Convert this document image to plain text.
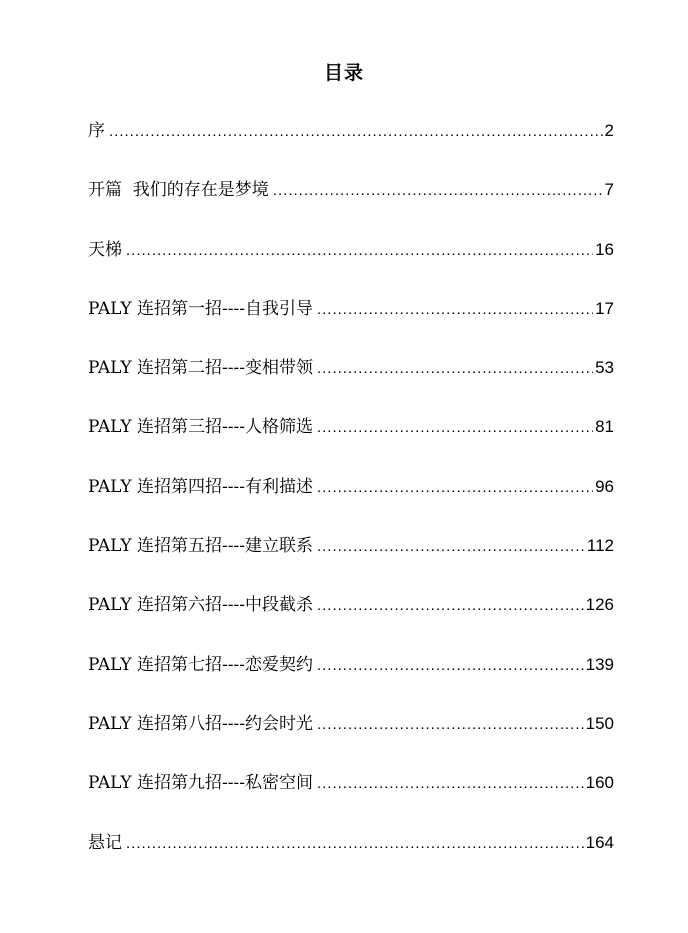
目录
序 .....	2
开篇  我们的存在是梦境 .....	7
天梯 .....	16
PALY 连招第一招----自我引导 .....	17
PALY 连招第二招----变相带领 .....	53
PALY 连招第三招----人格筛选 .....	81
PALY 连招第四招----有利描述 .....	96
PALY 连招第五招----建立联系 .....	112
PALY 连招第六招----中段截杀 .....	126
PALY 连招第七招----恋爱契约 .....	139
PALY 连招第八招----约会时光 .....	150
PALY 连招第九招----私密空间 .....	160
悬记 .....	164
